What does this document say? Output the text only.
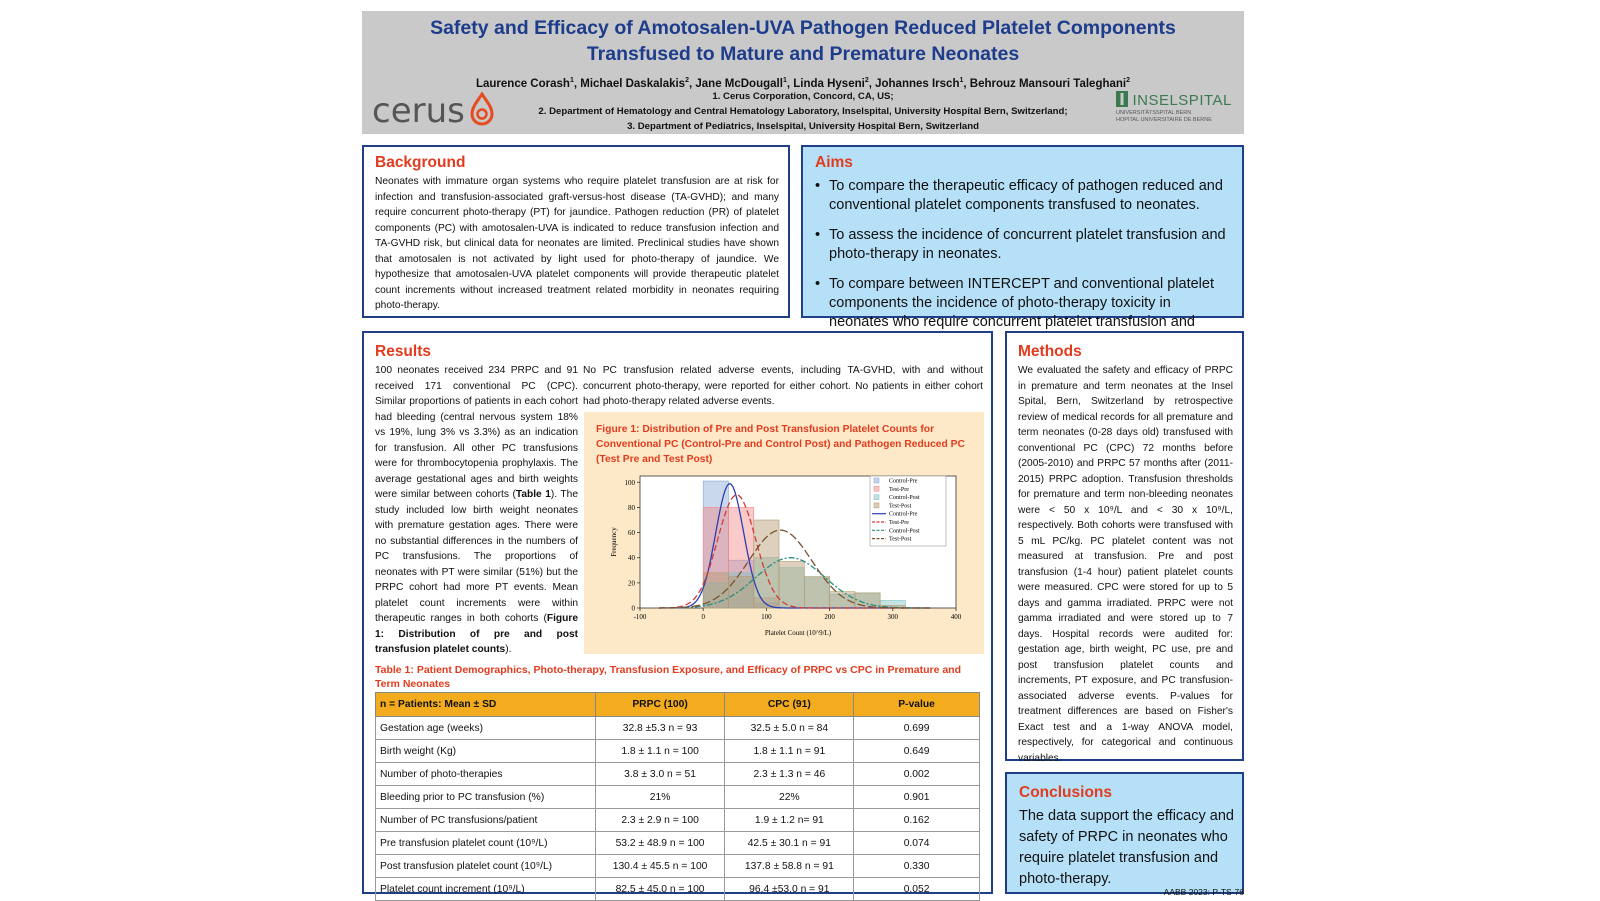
Safety and Efficacy of Amotosalen-UVA Pathogen Reduced Platelet Components
Transfused to Mature and Premature Neonates
Laurence Corash$^1$, Michael Daskalakis$^2$, Jane McDougall$^1$, Linda Hyseni$^2$, Johannes Irsch$^1$, Behrouz Mansouri Taleghani$^2$
1. Cerus Corporation, Concord, CA, US;
2. Department of Hematology and Central Hematology Laboratory, Inselspital, University Hospital Bern, Switzerland;
3. Department of Pediatrics, Inselspital, University Hospital Bern, Switzerland
cerus	INSELSPITAL
UNIVERSITÄTSSPITAL BERN
HOPITAL UNIVERSITAIRE DE BERNE
Background
Neonates with immature organ systems who require platelet transfusion are at risk for infection and transfusion-associated graft-versus-host disease (TA-GVHD); and many require concurrent photo-therapy (PT) for jaundice. Pathogen reduction (PR) of platelet components (PC) with amotosalen-UVA is indicated to reduce transfusion infection and TA-GVHD risk, but clinical data for neonates are limited. Preclinical studies have shown that amotosalen is not activated by light used for photo-therapy of jaundice. We hypothesize that amotosalen-UVA platelet components will provide therapeutic platelet count increments without increased treatment related morbidity in neonates requiring photo-therapy.
Aims
• To compare the therapeutic efficacy of pathogen reduced and conventional platelet components transfused to neonates.
• To assess the incidence of concurrent platelet transfusion and photo-therapy in neonates.
• To compare between INTERCEPT and conventional platelet components the incidence of photo-therapy toxicity in neonates who require concurrent platelet transfusion and
Results
100 neonates received 234 PRPC and 91 received 171 conventional PC (CPC). Similar proportions of patients in each cohort had bleeding (central nervous system 18% vs 19%, lung 3% vs 3.3%) as an indication for transfusion. All other PC transfusions were for thrombocytopenia prophylaxis. The average gestational ages and birth weights were similar between cohorts (Table 1). The study included low birth weight neonates with premature gestation ages. There were no substantial differences in the numbers of PC transfusions. The proportions of neonates with PT were similar (51%) but the PRPC cohort had more PT events. Mean platelet count increments were within therapeutic ranges in both cohorts (Figure 1: Distribution of pre and post transfusion platelet counts).
No PC transfusion related adverse events, including TA-GVHD, with and without concurrent photo-therapy, were reported for either cohort. No patients in either cohort had photo-therapy related adverse events.
Table 1: Patient Demographics, Photo-therapy, Transfusion Exposure, and Efficacy of PRPC vs CPC in Premature and Term Neonates
n = Patients: Mean ± SD	PRPC (100)	CPC (91)	P-value
Gestation age (weeks)	32.8 ±5.3 n = 93	32.5 ± 5.0 n = 84	0.699
Birth weight (Kg)	1.8 ± 1.1 n = 100	1.8 ± 1.1 n = 91	0.649
Number of photo-therapies	3.8 ± 3.0 n = 51	2.3 ± 1.3 n = 46	0.002
Bleeding prior to PC transfusion (%)	21%	22%	0.901
Number of PC transfusions/patient	2.3 ± 2.9 n = 100	1.9 ± 1.2 n= 91	0.162
Pre transfusion platelet count (10⁹/L)	53.2 ± 48.9 n = 100	42.5 ± 30.1 n = 91	0.074
Post transfusion platelet count (10⁹/L)	130.4 ± 45.5 n = 100	137.8 ± 58.8 n = 91	0.330
Platelet count increment (10⁹/L)	82.5 ± 45.0 n = 100	96.4 ±53.0 n = 91	0.052
Figure 1: Distribution of Pre and Post Transfusion Platelet Counts for Conventional PC (Control-Pre and Control Post) and Pathogen Reduced PC (Test Pre and Test Post)
-100	0	100	200	300	400
0
20
40
60
80
100
Platelet Count (10^9/L)
Frequency
Control-Pre
Test-Pre
Control-Post
Test-Post
Control-Pre
Test-Pre
Control-Post
Test-Post
Methods
We evaluated the safety and efficacy of PRPC in premature and term neonates at the Insel Spital, Bern, Switzerland by retrospective review of medical records for all premature and term neonates (0-28 days old) transfused with conventional PC (CPC) 72 months before (2005-2010) and PRPC 57 months after (2011-2015) PRPC adoption. Transfusion thresholds for premature and term non-bleeding neonates were < 50 x 10⁹/L and < 30 x 10⁹/L, respectively. Both cohorts were transfused with 5 mL PC/kg. PC platelet content was not measured at transfusion. Pre and post transfusion (1-4 hour) patient platelet counts were measured. CPC were stored for up to 5 days and gamma irradiated. PRPC were not gamma irradiated and were stored up to 7 days. Hospital records were audited for: gestation age, birth weight, PC use, pre and post transfusion platelet counts and increments, PT exposure, and PC transfusion-associated adverse events. P-values for treatment differences are based on Fisher's Exact test and a 1-way ANOVA model, respectively, for categorical and continuous variables.
Conclusions
The data support the efficacy and safety of PRPC in neonates who require platelet transfusion and photo-therapy.
AABB 2023: P-TS-76
